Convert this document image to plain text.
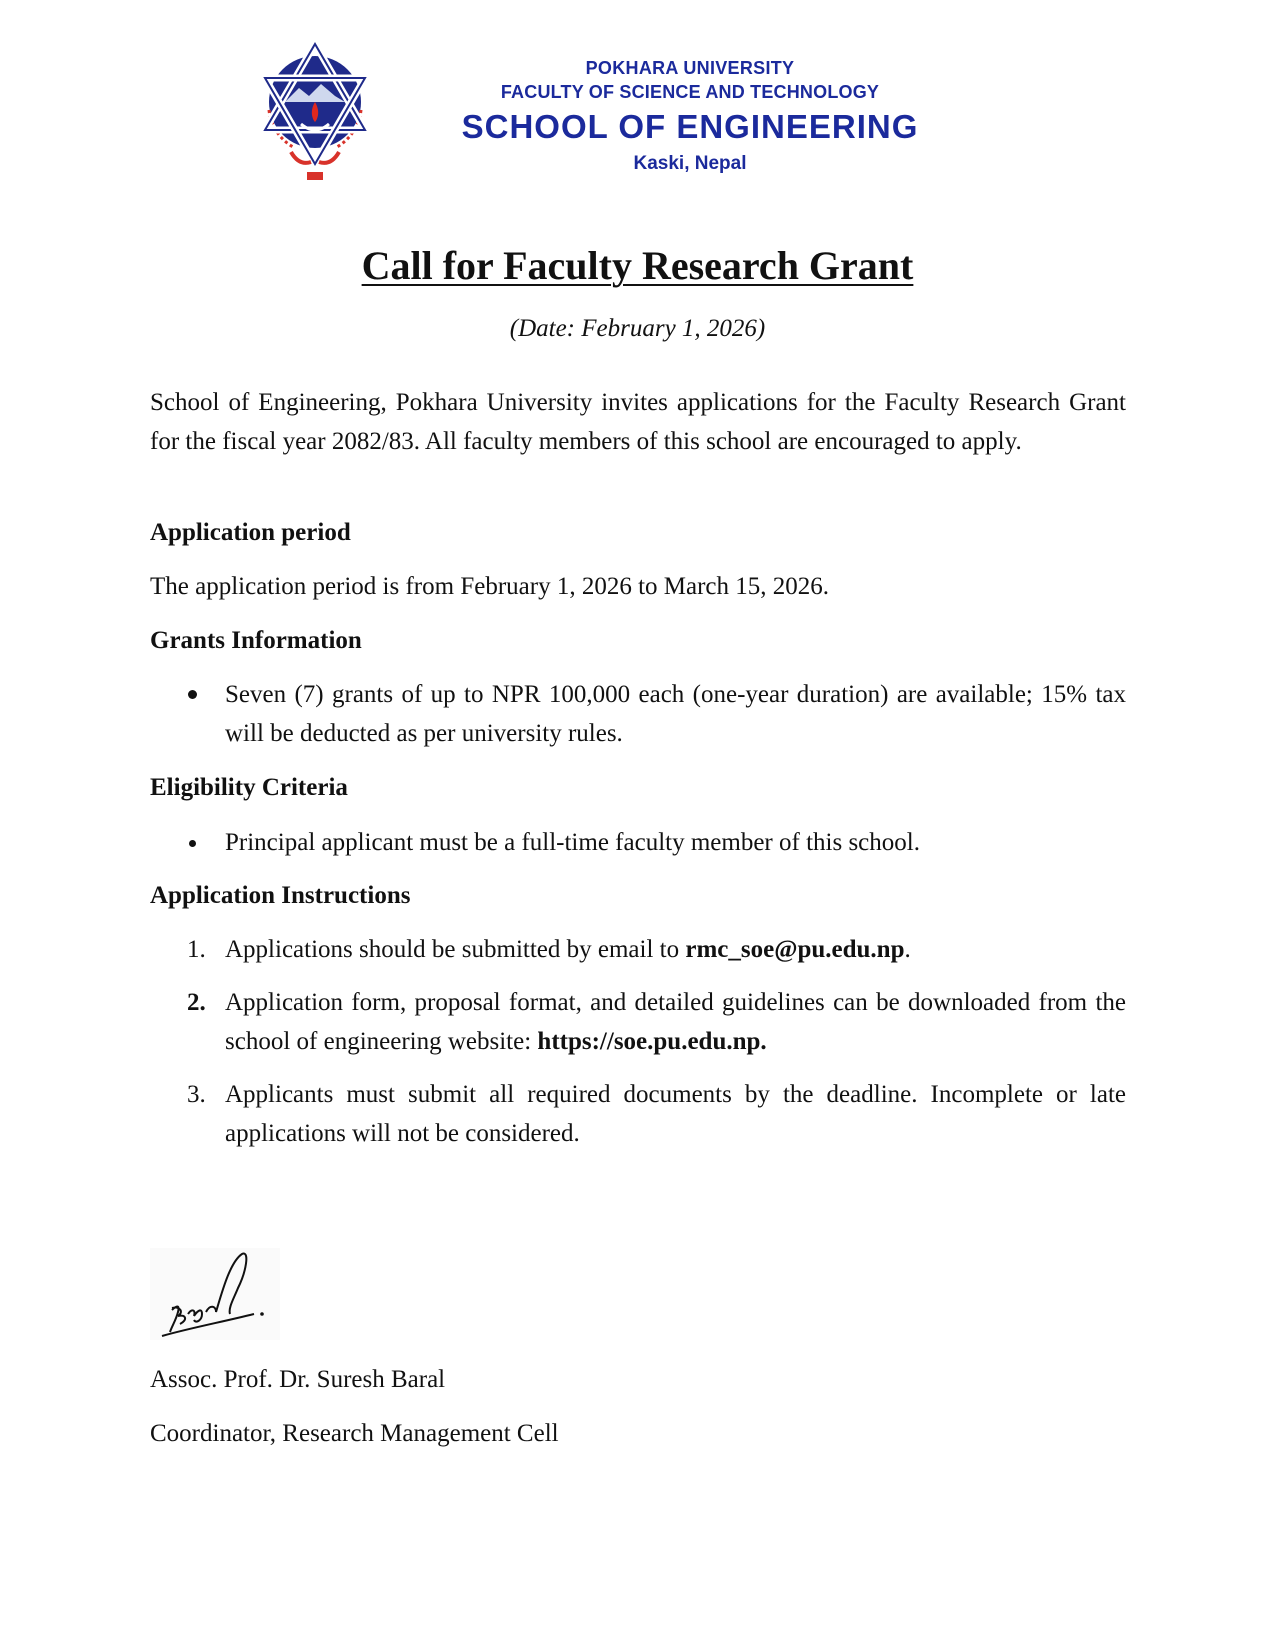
POKHARA UNIVERSITY
FACULTY OF SCIENCE AND TECHNOLOGY
SCHOOL OF ENGINEERING
Kaski, Nepal
Call for Faculty Research Grant
(Date: February 1, 2026)

School of Engineering, Pokhara University invites applications for the Faculty Research Grant for the fiscal year 2082/83. All faculty members of this school are encouraged to apply.

Application period
The application period is from February 1, 2026 to March 15, 2026.
Grants Information
Seven (7) grants of up to NPR 100,000 each (one-year duration) are available; 15% tax will be deducted as per university rules.
Eligibility Criteria
Principal applicant must be a full-time faculty member of this school.
Application Instructions
1. Applications should be submitted by email to rmc_soe@pu.edu.np.
2. Application form, proposal format, and detailed guidelines can be downloaded from the school of engineering website: https://soe.pu.edu.np.
3. Applicants must submit all required documents by the deadline. Incomplete or late applications will not be considered.
Assoc. Prof. Dr. Suresh Baral
Coordinator, Research Management Cell
